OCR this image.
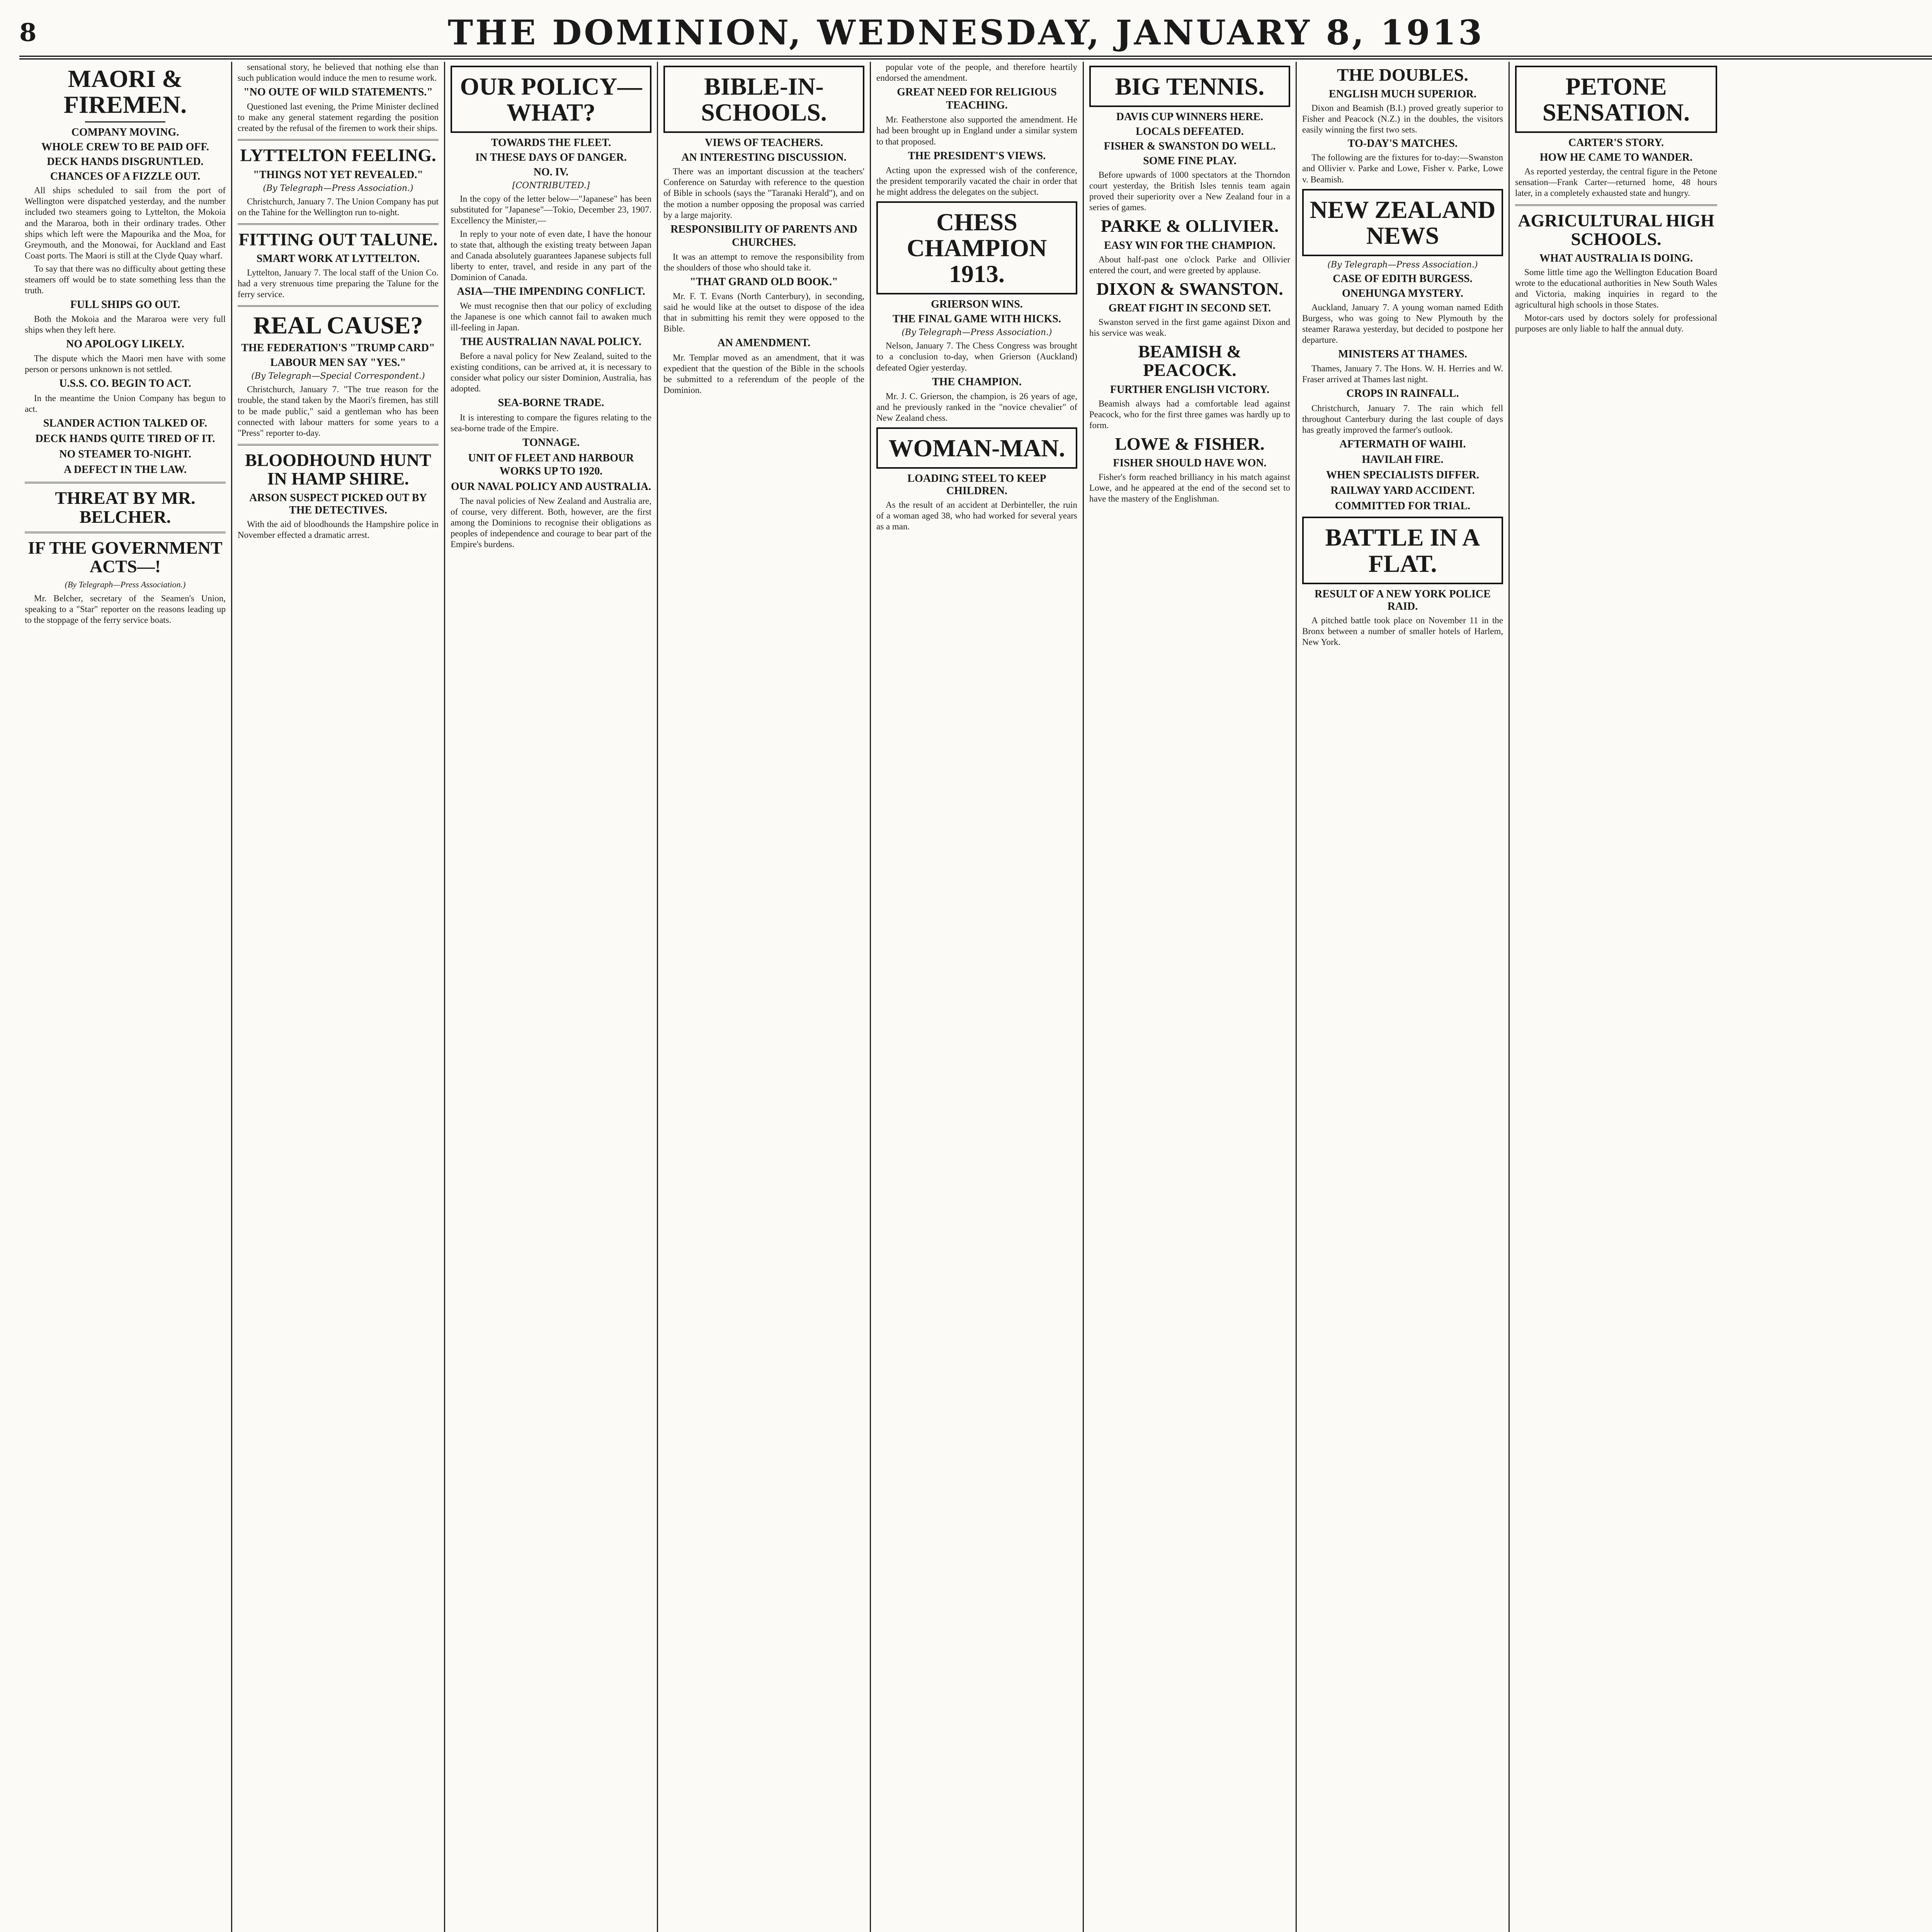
8	THE DOMINION, WEDNESDAY, JANUARY 8, 1913
MAORI & FIREMEN.
COMPANY MOVING.
WHOLE CREW TO BE PAID OFF.
DECK HANDS DISGRUNTLED.
CHANCES OF A FIZZLE OUT.

All ships scheduled to sail from the port of Wellington were dispatched yesterday, and the number included two steamers going to Lyttelton, the Mokoia and the Mararoa, both in their ordinary trades. Other ships which left were the Mapourika and the Moa, for Greymouth, and the Monowai, for Auckland and East Coast ports. The Maori is still at the Clyde Quay wharf.

To say that there was no difficulty about getting these steamers off would be to state something less than the truth.

FULL SHIPS GO OUT.

Both the Mokoia and the Mararoa were very full ships when they left here.

NO APOLOGY LIKELY.

The dispute which the Maori men have with some person or persons unknown is not settled.

U.S.S. CO. BEGIN TO ACT.

In the meantime the Union Company has begun to act.

SLANDER ACTION TALKED OF.
DECK HANDS QUITE TIRED OF IT.
NO STEAMER TO-NIGHT.
A DEFECT IN THE LAW.
THREAT BY MR. BELCHER.
IF THE GOVERNMENT ACTS—!
(By Telegraph—Press Association.)

Mr. Belcher, secretary of the Seamen's Union, speaking to a "Star" reporter on the reasons leading up to the stoppage of the ferry service boats.

sensational story, he believed that nothing else than such publication would induce the men to resume work.

"NO OUTE OF WILD STATEMENTS."

Questioned last evening, the Prime Minister declined to make any general statement regarding the position created by the refusal of the firemen to work their ships.

LYTTELTON FEELING.
"THINGS NOT YET REVEALED."
(By Telegraph—Press Association.)

Christchurch, January 7. The Union Company has put on the Tahine for the Wellington run to-night.

FITTING OUT TALUNE.
SMART WORK AT LYTTELTON.

Lyttelton, January 7. The local staff of the Union Co. had a very strenuous time preparing the Talune for the ferry service.

REAL CAUSE?
THE FEDERATION'S "TRUMP CARD"
LABOUR MEN SAY "YES."
(By Telegraph—Special Correspondent.)

Christchurch, January 7. "The true reason for the trouble, the stand taken by the Maori's firemen, has still to be made public," said a gentleman who has been connected with labour matters for some years to a "Press" reporter to-day.

BLOODHOUND HUNT IN HAMP SHIRE.
ARSON SUSPECT PICKED OUT BY THE DETECTIVES.

With the aid of bloodhounds the Hampshire police in November effected a dramatic arrest.

OUR POLICY—WHAT?
TOWARDS THE FLEET.
IN THESE DAYS OF DANGER.
NO. IV.
[CONTRIBUTED.]

In the copy of the letter below—"Japanese" has been substituted for "Japanese"—Tokio, December 23, 1907. Excellency the Minister,—

In reply to your note of even date, I have the honour to state that, although the existing treaty between Japan and Canada absolutely guarantees Japanese subjects full liberty to enter, travel, and reside in any part of the Dominion of Canada.

ASIA—THE IMPENDING CONFLICT.

We must recognise then that our policy of excluding the Japanese is one which cannot fail to awaken much ill-feeling in Japan.

THE AUSTRALIAN NAVAL POLICY.

Before a naval policy for New Zealand, suited to the existing conditions, can be arrived at, it is necessary to consider what policy our sister Dominion, Australia, has adopted.

SEA-BORNE TRADE.

It is interesting to compare the figures relating to the sea-borne trade of the Empire.

TONNAGE.
UNIT OF FLEET AND HARBOUR WORKS UP TO 1920.
OUR NAVAL POLICY AND AUSTRALIA.

The naval policies of New Zealand and Australia are, of course, very different. Both, however, are the first among the Dominions to recognise their obligations as peoples of independence and courage to bear part of the Empire's burdens.

BIBLE-IN-SCHOOLS.
VIEWS OF TEACHERS.
AN INTERESTING DISCUSSION.

There was an important discussion at the teachers' Conference on Saturday with reference to the question of Bible in schools (says the "Taranaki Herald"), and on the motion a number opposing the proposal was carried by a large majority.

RESPONSIBILITY OF PARENTS AND CHURCHES.

It was an attempt to remove the responsibility from the shoulders of those who should take it.

"THAT GRAND OLD BOOK."

Mr. F. T. Evans (North Canterbury), in seconding, said he would like at the outset to dispose of the idea that in submitting his remit they were opposed to the Bible.

AN AMENDMENT.

Mr. Templar moved as an amendment, that it was expedient that the question of the Bible in the schools be submitted to a referendum of the people of the Dominion.

popular vote of the people, and therefore heartily endorsed the amendment.

GREAT NEED FOR RELIGIOUS TEACHING.

Mr. Featherstone also supported the amendment. He had been brought up in England under a similar system to that proposed.

THE PRESIDENT'S VIEWS.

Acting upon the expressed wish of the conference, the president temporarily vacated the chair in order that he might address the delegates on the subject.

CHESS CHAMPION 1913.
GRIERSON WINS.
THE FINAL GAME WITH HICKS.
(By Telegraph—Press Association.)

Nelson, January 7. The Chess Congress was brought to a conclusion to-day, when Grierson (Auckland) defeated Ogier yesterday.

THE CHAMPION.

Mr. J. C. Grierson, the champion, is 26 years of age, and he previously ranked in the "novice chevalier" of New Zealand chess.

WOMAN-MAN.
LOADING STEEL TO KEEP CHILDREN.

As the result of an accident at Derbinteller, the ruin of a woman aged 38, who had worked for several years as a man.

BIG TENNIS.
DAVIS CUP WINNERS HERE.
LOCALS DEFEATED.
FISHER & SWANSTON DO WELL.
SOME FINE PLAY.

Before upwards of 1000 spectators at the Thorndon court yesterday, the British Isles tennis team again proved their superiority over a New Zealand four in a series of games.

PARKE & OLLIVIER.
EASY WIN FOR THE CHAMPION.

About half-past one o'clock Parke and Ollivier entered the court, and were greeted by applause.

DIXON & SWANSTON.
GREAT FIGHT IN SECOND SET.

Swanston served in the first game against Dixon and his service was weak.

BEAMISH & PEACOCK.
FURTHER ENGLISH VICTORY.

Beamish always had a comfortable lead against Peacock, who for the first three games was hardly up to form.

LOWE & FISHER.
FISHER SHOULD HAVE WON.

Fisher's form reached brilliancy in his match against Lowe, and he appeared at the end of the second set to have the mastery of the Englishman.

THE DOUBLES.
ENGLISH MUCH SUPERIOR.

Dixon and Beamish (B.I.) proved greatly superior to Fisher and Peacock (N.Z.) in the doubles, the visitors easily winning the first two sets.

TO-DAY'S MATCHES.

The following are the fixtures for to-day:—Swanston and Ollivier v. Parke and Lowe, Fisher v. Parke, Lowe v. Beamish.

NEW ZEALAND NEWS
(By Telegraph—Press Association.)
CASE OF EDITH BURGESS.
ONEHUNGA MYSTERY.

Auckland, January 7. A young woman named Edith Burgess, who was going to New Plymouth by the steamer Rarawa yesterday, but decided to postpone her departure.

MINISTERS AT THAMES.

Thames, January 7. The Hons. W. H. Herries and W. Fraser arrived at Thames last night.

CROPS IN RAINFALL.

Christchurch, January 7. The rain which fell throughout Canterbury during the last couple of days has greatly improved the farmer's outlook.

AFTERMATH OF WAIHI.
HAVILAH FIRE.
WHEN SPECIALISTS DIFFER.
RAILWAY YARD ACCIDENT.
COMMITTED FOR TRIAL.
BATTLE IN A FLAT.
RESULT OF A NEW YORK POLICE RAID.

A pitched battle took place on November 11 in the Bronx between a number of smaller hotels of Harlem, New York.

PETONE SENSATION.
CARTER'S STORY.
HOW HE CAME TO WANDER.

As reported yesterday, the central figure in the Petone sensation—Frank Carter—returned home, 48 hours later, in a completely exhausted state and hungry.

AGRICULTURAL HIGH SCHOOLS.
WHAT AUSTRALIA IS DOING.

Some little time ago the Wellington Education Board wrote to the educational authorities in New South Wales and Victoria, making inquiries in regard to the agricultural high schools in those States.

Motor-cars used by doctors solely for professional purposes are only liable to half the annual duty.
